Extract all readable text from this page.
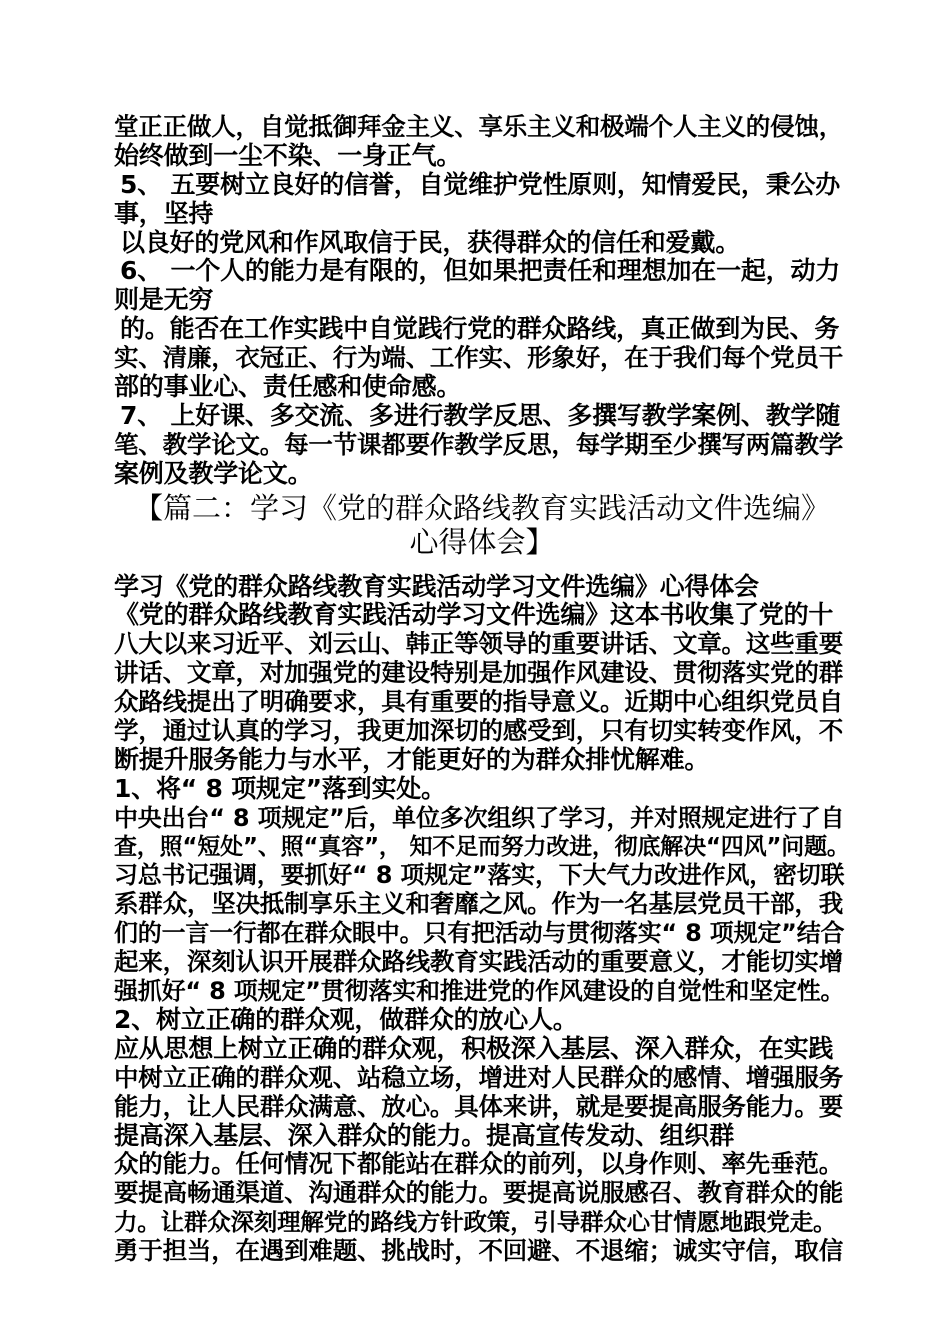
堂正正做人，自觉抵御拜金主义、享乐主义和极端个人主义的侵蚀，
始终做到一尘不染、一身正气。
5、 五要树立良好的信誉，自觉维护党性原则，知情爱民，秉公办
事，坚持
以良好的党风和作风取信于民，获得群众的信任和爱戴。
6、 一个人的能力是有限的，但如果把责任和理想加在一起，动力
则是无穷
的。能否在工作实践中自觉践行党的群众路线，真正做到为民、务
实、清廉，衣冠正、行为端、工作实、形象好，在于我们每个党员干
部的事业心、责任感和使命感。
7、 上好课、多交流、多进行教学反思、多撰写教学案例、教学随
笔、教学论文。每一节课都要作教学反思，每学期至少撰写两篇教学
案例及教学论文。
【篇二：学习《党的群众路线教育实践活动文件选编》
心得体会】
学习《党的群众路线教育实践活动学习文件选编》心得体会
《党的群众路线教育实践活动学习文件选编》这本书收集了党的十
八大以来习近平、刘云山、韩正等领导的重要讲话、文章。这些重要
讲话、文章，对加强党的建设特别是加强作风建设、贯彻落实党的群
众路线提出了明确要求，具有重要的指导意义。近期中心组织党员自
学，通过认真的学习，我更加深切的感受到，只有切实转变作风，不
断提升服务能力与水平，才能更好的为群众排忧解难。
1、将“ 8 项规定”落到实处。
中央出台“ 8 项规定”后，单位多次组织了学习，并对照规定进行了自
查，照“短处”、照“真容”， 知不足而努力改进，彻底解决“四风”问题。
习总书记强调，要抓好“ 8 项规定”落实，下大气力改进作风，密切联
系群众，坚决抵制享乐主义和奢靡之风。作为一名基层党员干部，我
们的一言一行都在群众眼中。只有把活动与贯彻落实“ 8 项规定”结合
起来，深刻认识开展群众路线教育实践活动的重要意义，才能切实增
强抓好“ 8 项规定”贯彻落实和推进党的作风建设的自觉性和坚定性。
2、树立正确的群众观，做群众的放心人。
应从思想上树立正确的群众观，积极深入基层、深入群众，在实践
中树立正确的群众观、站稳立场，增进对人民群众的感情、增强服务
能力，让人民群众满意、放心。具体来讲，就是要提高服务能力。要
提高深入基层、深入群众的能力。提高宣传发动、组织群
众的能力。任何情况下都能站在群众的前列，以身作则、率先垂范。
要提高畅通渠道、沟通群众的能力。要提高说服感召、教育群众的能
力。让群众深刻理解党的路线方针政策，引导群众心甘情愿地跟党走。
勇于担当，在遇到难题、挑战时，不回避、不退缩；诚实守信，取信
